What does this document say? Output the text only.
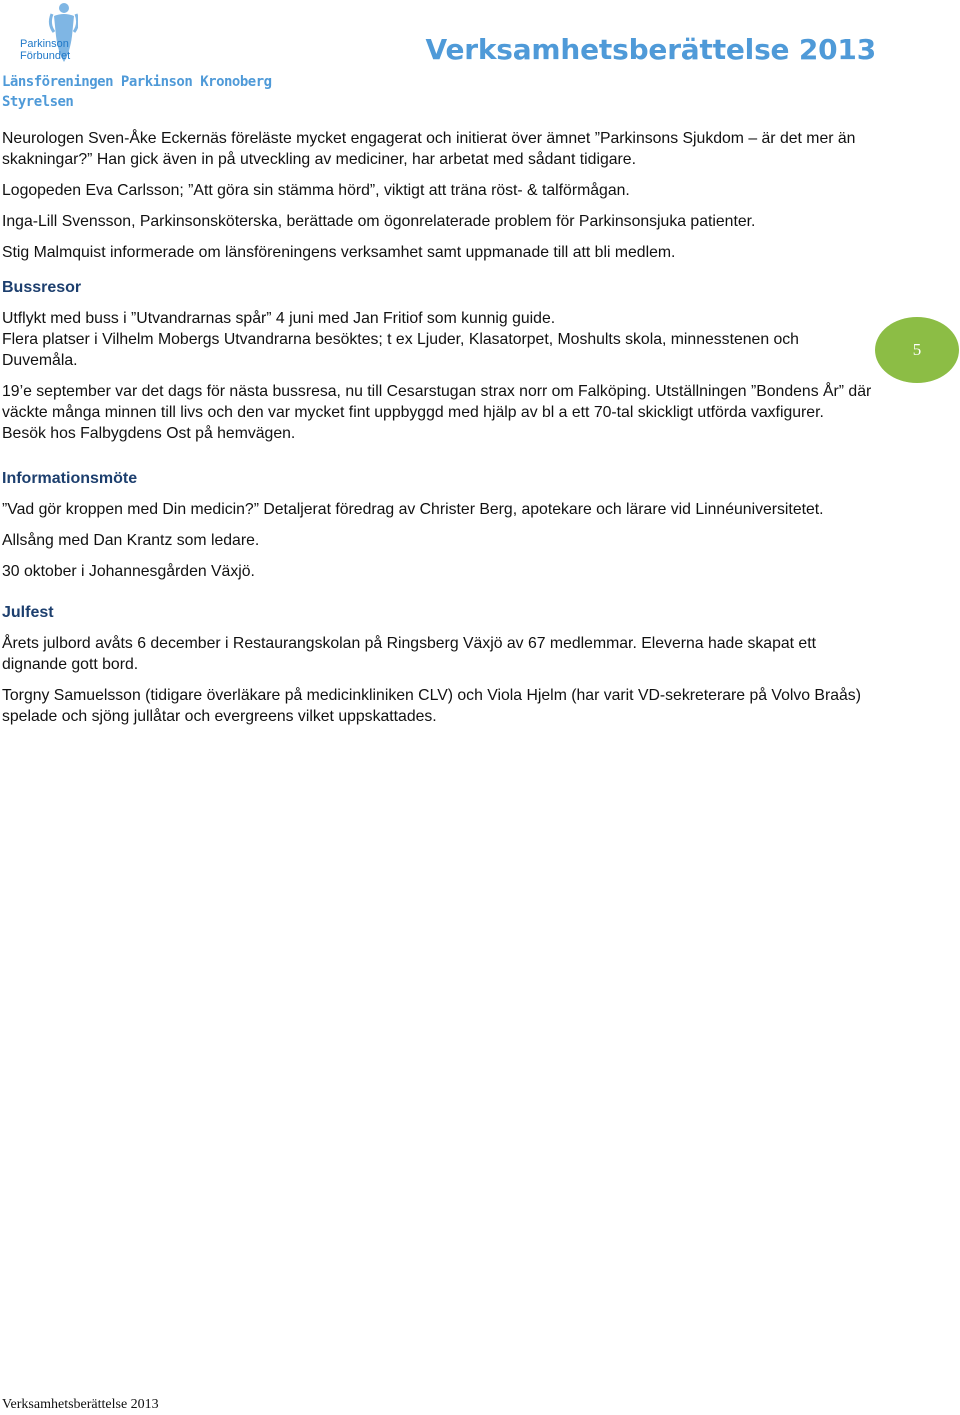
Parkinson
Förbundet
Länsföreningen Parkinson Kronoberg
Styrelsen
Verksamhetsberättelse 2013

Neurologen Sven-Åke Eckernäs föreläste mycket engagerat och initierat över ämnet ”Parkinsons Sjukdom – är det mer än skakningar?” Han gick även in på utveckling av mediciner, har arbetat med sådant tidigare.

Logopeden Eva Carlsson; ”Att göra sin stämma hörd”, viktigt att träna röst- & talförmågan.

Inga-Lill Svensson, Parkinsonsköterska, berättade om ögonrelaterade problem för Parkinsonsjuka patienter.

Stig Malmquist informerade om länsföreningens verksamhet samt uppmanade till att bli medlem.

Bussresor

Utflykt med buss i ”Utvandrarnas spår” 4 juni med Jan Fritiof som kunnig guide.

Flera platser i Vilhelm Mobergs Utvandrarna besöktes; t ex Ljuder, Klasatorpet, Moshults skola, minnesstenen och Duvemåla.

19’e september var det dags för nästa bussresa, nu till Cesarstugan strax norr om Falköping. Utställningen ”Bondens År” där väckte många minnen till livs och den var mycket fint uppbyggd med hjälp av bl a ett 70-tal skickligt utförda vaxfigurer.

Besök hos Falbygdens Ost på hemvägen.

Informationsmöte

”Vad gör kroppen med Din medicin?” Detaljerat föredrag av Christer Berg, apotekare och lärare vid Linnéuniversitetet.

Allsång med Dan Krantz som ledare.

30 oktober i Johannesgården Växjö.

Julfest

Årets julbord avåts 6 december i Restaurangskolan på Ringsberg Växjö av 67 medlemmar. Eleverna hade skapat ett dignande gott bord.

Torgny Samuelsson (tidigare överläkare på medicinkliniken CLV) och Viola Hjelm (har varit VD-sekreterare på Volvo Braås) spelade och sjöng jullåtar och evergreens vilket uppskattades.

5
Verksamhetsberättelse 2013
